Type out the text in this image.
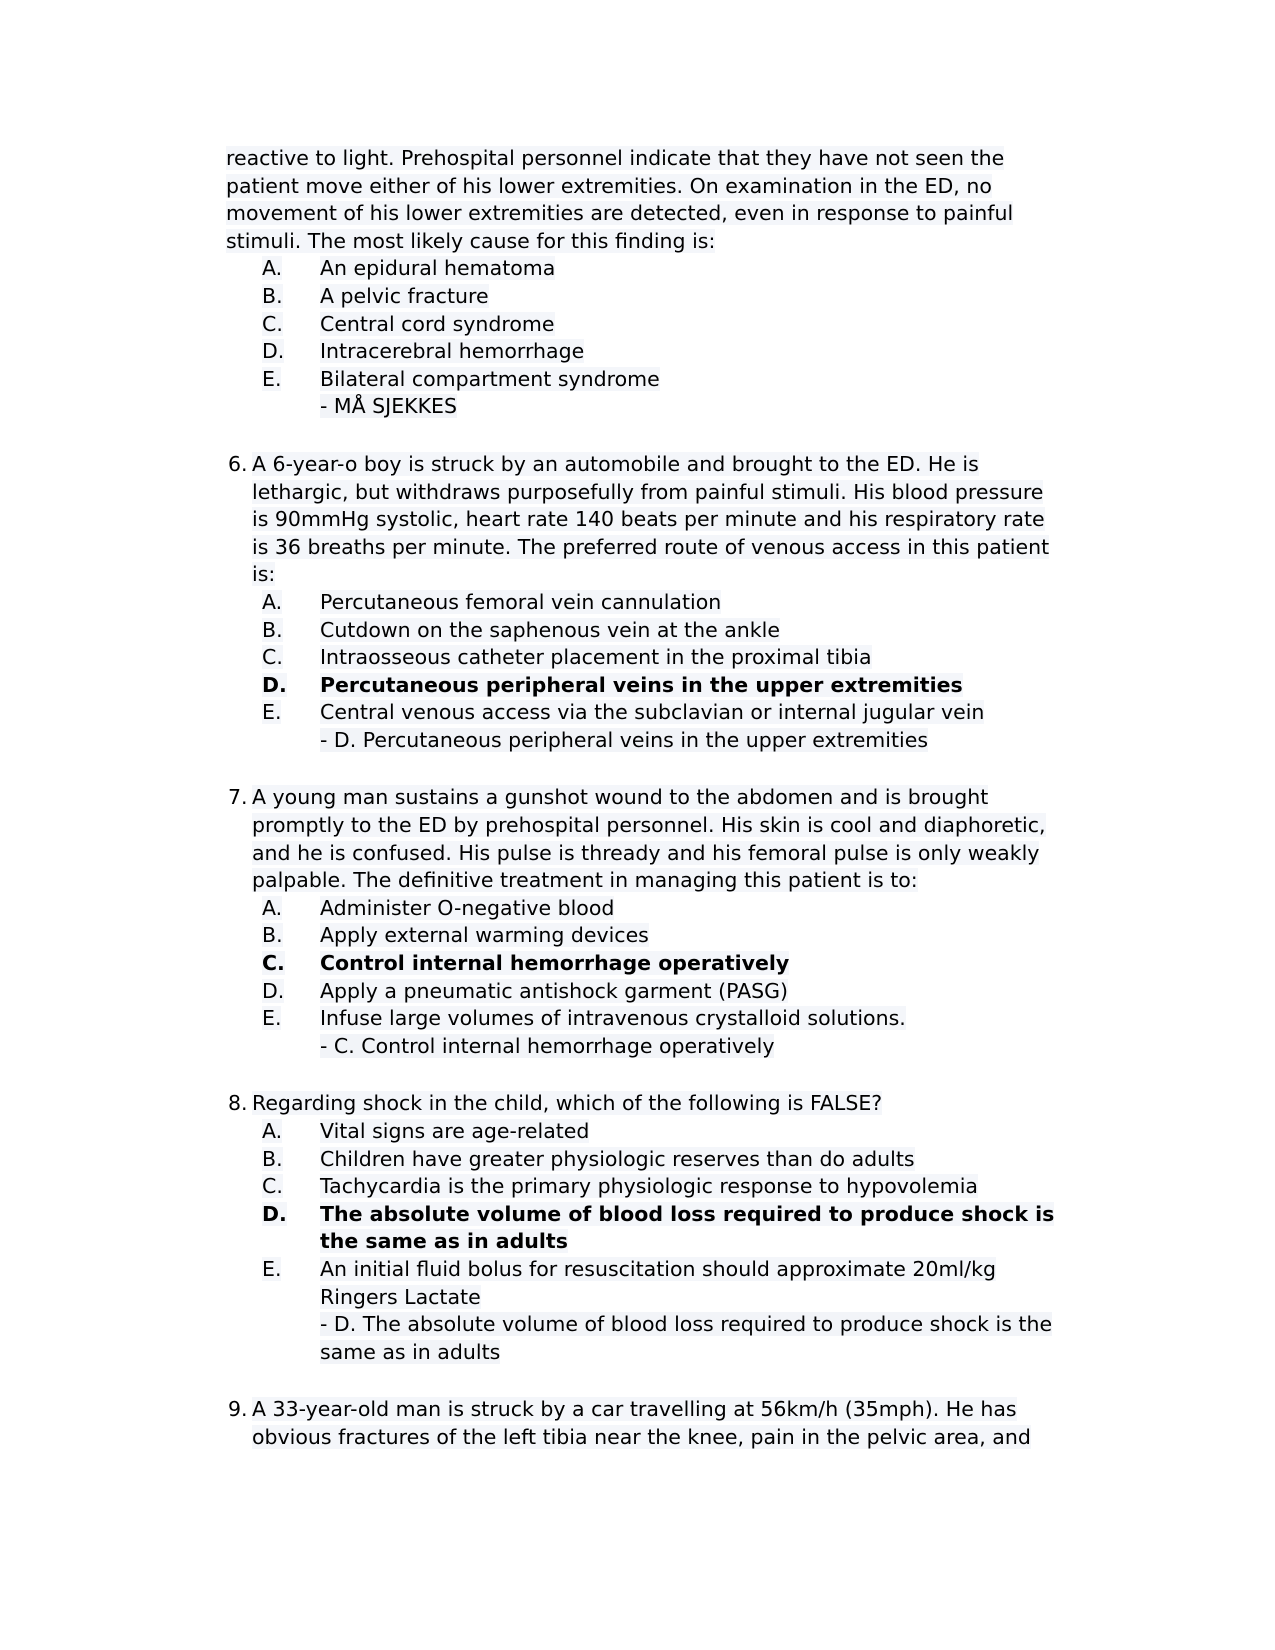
reactive to light. Prehospital personnel indicate that they have not seen the patient move either of his lower extremities. On examination in the ED, no movement of his lower extremities are detected, even in response to painful stimuli. The most likely cause for this finding is:
A.	An epidural hematoma
B.	A pelvic fracture
C.	Central cord syndrome
D.	Intracerebral hemorrhage
E.	Bilateral compartment syndrome
- MÅ SJEKKES
6. A 6-year-o boy is struck by an automobile and brought to the ED. He is lethargic, but withdraws purposefully from painful stimuli. His blood pressure is 90mmHg systolic, heart rate 140 beats per minute and his respiratory rate is 36 breaths per minute. The preferred route of venous access in this patient is:
A.	Percutaneous femoral vein cannulation
B.	Cutdown on the saphenous vein at the ankle
C.	Intraosseous catheter placement in the proximal tibia
D.	Percutaneous peripheral veins in the upper extremities
E.	Central venous access via the subclavian or internal jugular vein
- D. Percutaneous peripheral veins in the upper extremities
7. A young man sustains a gunshot wound to the abdomen and is brought promptly to the ED by prehospital personnel. His skin is cool and diaphoretic, and he is confused. His pulse is thready and his femoral pulse is only weakly palpable. The definitive treatment in managing this patient is to:
A.	Administer O-negative blood
B.	Apply external warming devices
C.	Control internal hemorrhage operatively
D.	Apply a pneumatic antishock garment (PASG)
E.	Infuse large volumes of intravenous crystalloid solutions.
- C. Control internal hemorrhage operatively
8. Regarding shock in the child, which of the following is FALSE?
A.	Vital signs are age-related
B.	Children have greater physiologic reserves than do adults
C.	Tachycardia is the primary physiologic response to hypovolemia
D.	The absolute volume of blood loss required to produce shock is the same as in adults
E.	An initial fluid bolus for resuscitation should approximate 20ml/kg Ringers Lactate
- D. The absolute volume of blood loss required to produce shock is the same as in adults
9. A 33-year-old man is struck by a car travelling at 56km/h (35mph). He has obvious fractures of the left tibia near the knee, pain in the pelvic area, and
